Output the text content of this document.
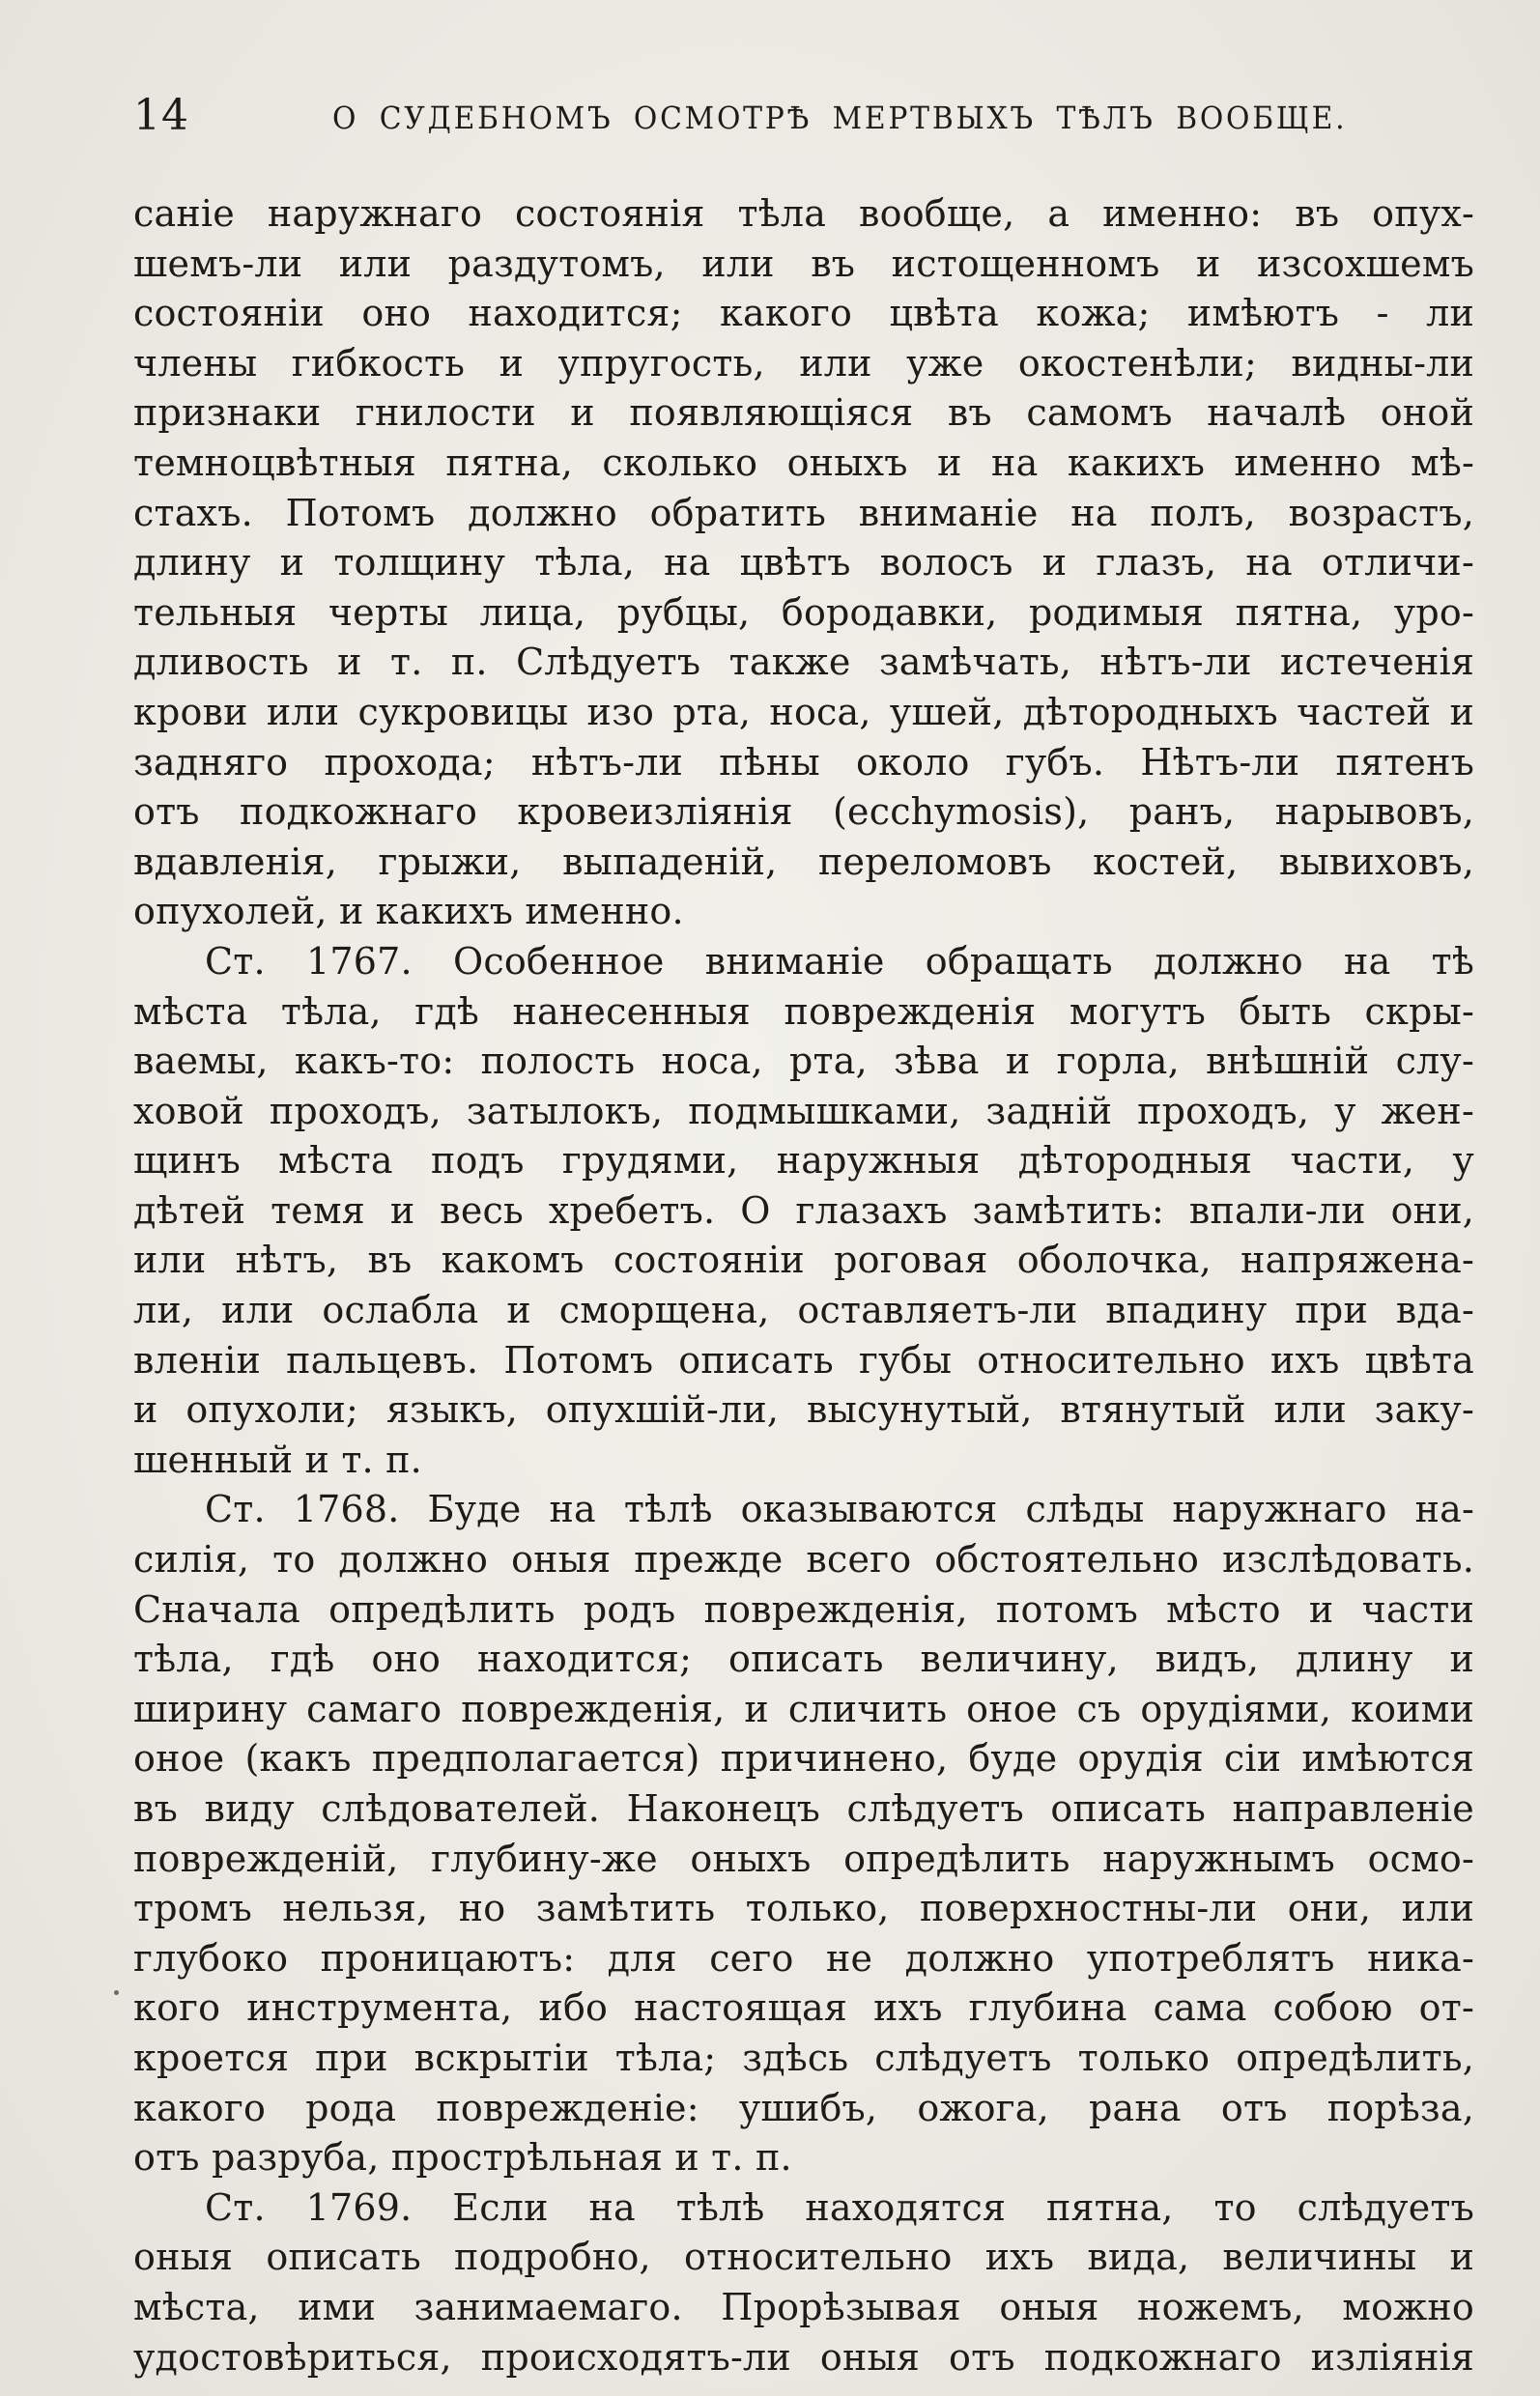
14	О СУДЕБНОМЪ ОСМОТРѢ МЕРТВЫХЪ ТѢЛЪ ВООБЩЕ.
саніе наружнаго состоянія тѣла вообще, а именно: въ опух-
шемъ-ли или раздутомъ, или въ истощенномъ и изсохшемъ
состояніи оно находится; какого цвѣта кожа; имѣютъ - ли
члены гибкость и упругость, или уже окостенѣли; видны-ли
признаки гнилости и появляющіяся въ самомъ началѣ оной
темноцвѣтныя пятна, сколько оныхъ и на какихъ именно мѣ-
стахъ. Потомъ должно обратить вниманіе на полъ, возрастъ,
длину и толщину тѣла, на цвѣтъ волосъ и глазъ, на отличи-
тельныя черты лица, рубцы, бородавки, родимыя пятна, уро-
дливость и т. п. Слѣдуетъ также замѣчать, нѣтъ-ли истеченія
крови или сукровицы изо рта, носа, ушей, дѣтородныхъ частей и
задняго прохода; нѣтъ-ли пѣны около губъ. Нѣтъ-ли пятенъ
отъ подкожнаго кровеизліянія (ecchymosis), ранъ, нарывовъ,
вдавленія, грыжи, выпаденій, переломовъ костей, вывиховъ,
опухолей, и какихъ именно.
Ст. 1767. Особенное вниманіе обращать должно на тѣ
мѣста тѣла, гдѣ нанесенныя поврежденія могутъ быть скры-
ваемы, какъ-то: полость носа, рта, зѣва и горла, внѣшній слу-
ховой проходъ, затылокъ, подмышками, задній проходъ, у жен-
щинъ мѣста подъ грудями, наружныя дѣтородныя части, у
дѣтей темя и весь хребетъ. О глазахъ замѣтить: впали-ли они,
или нѣтъ, въ какомъ состояніи роговая оболочка, напряжена-
ли, или ослабла и сморщена, оставляетъ-ли впадину при вда-
вленіи пальцевъ. Потомъ описать губы относительно ихъ цвѣта
и опухоли; языкъ, опухшій-ли, высунутый, втянутый или заку-
шенный и т. п.
Ст. 1768. Буде на тѣлѣ оказываются слѣды наружнаго на-
силія, то должно оныя прежде всего обстоятельно изслѣдовать.
Сначала опредѣлить родъ поврежденія, потомъ мѣсто и части
тѣла, гдѣ оно находится; описать величину, видъ, длину и
ширину самаго поврежденія, и сличить оное съ орудіями, коими
оное (какъ предполагается) причинено, буде орудія сіи имѣются
въ виду слѣдователей. Наконецъ слѣдуетъ описать направленіе
поврежденій, глубину-же оныхъ опредѣлить наружнымъ осмо-
тромъ нельзя, но замѣтить только, поверхностны-ли они, или
глубоко проницаютъ: для сего не должно употреблятъ ника-
кого инструмента, ибо настоящая ихъ глубина сама собою от-
кроется при вскрытіи тѣла; здѣсь слѣдуетъ только опредѣлить,
какого рода поврежденіе: ушибъ, ожога, рана отъ порѣза,
отъ разруба, прострѣльная и т. п.
Ст. 1769. Если на тѣлѣ находятся пятна, то слѣдуетъ
оныя описать подробно, относительно ихъ вида, величины и
мѣста, ими занимаемаго. Прорѣзывая оныя ножемъ, можно
удостовѣриться, происходятъ-ли оныя отъ подкожнаго изліянія
